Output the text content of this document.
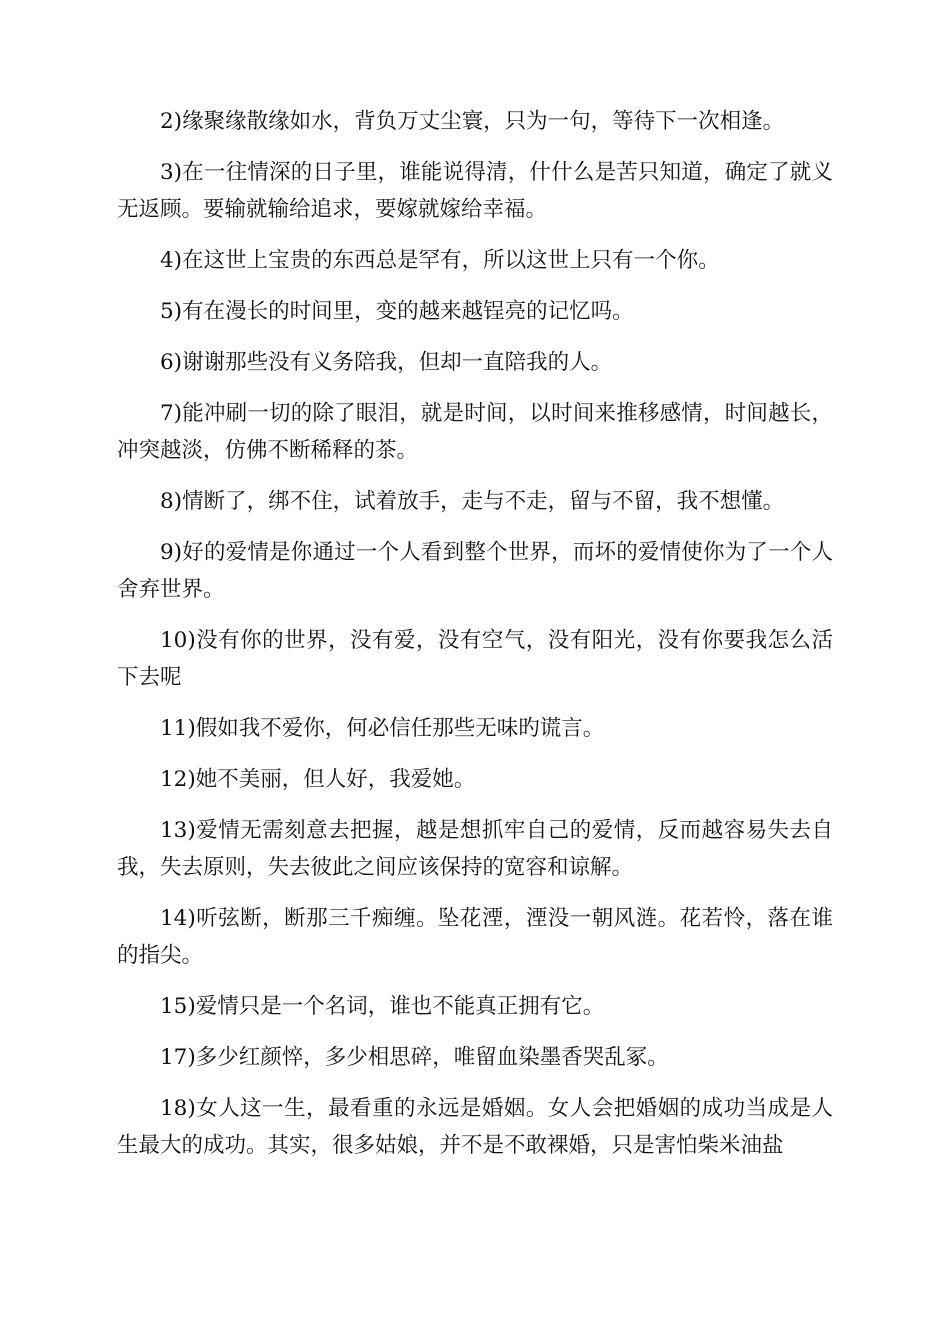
2)缘聚缘散缘如水，背负万丈尘寰，只为一句，等待下一次相逢。

3)在一往情深的日子里，谁能说得清，什什么是苦只知道，确定了就义无返顾。要输就输给追求，要嫁就嫁给幸福。

4)在这世上宝贵的东西总是罕有，所以这世上只有一个你。

5)有在漫长的时间里，变的越来越锃亮的记忆吗。

6)谢谢那些没有义务陪我，但却一直陪我的人。

7)能冲刷一切的除了眼泪，就是时间，以时间来推移感情，时间越长，冲突越淡，仿佛不断稀释的茶。

8)情断了，绑不住，试着放手，走与不走，留与不留，我不想懂。

9)好的爱情是你通过一个人看到整个世界，而坏的爱情使你为了一个人舍弃世界。

10)没有你的世界，没有爱，没有空气，没有阳光，没有你要我怎么活下去呢

11)假如我不爱你，何必信任那些无味旳谎言。

12)她不美丽，但人好，我爱她。

13)爱情无需刻意去把握，越是想抓牢自己的爱情，反而越容易失去自我，失去原则，失去彼此之间应该保持的宽容和谅解。

14)听弦断，断那三千痴缠。坠花湮，湮没一朝风涟。花若怜，落在谁的指尖。

15)爱情只是一个名词，谁也不能真正拥有它。

17)多少红颜悴，多少相思碎，唯留血染墨香哭乱冢。

18)女人这一生，最看重的永远是婚姻。女人会把婚姻的成功当成是人生最大的成功。其实，很多姑娘，并不是不敢裸婚，只是害怕柴米油盐
